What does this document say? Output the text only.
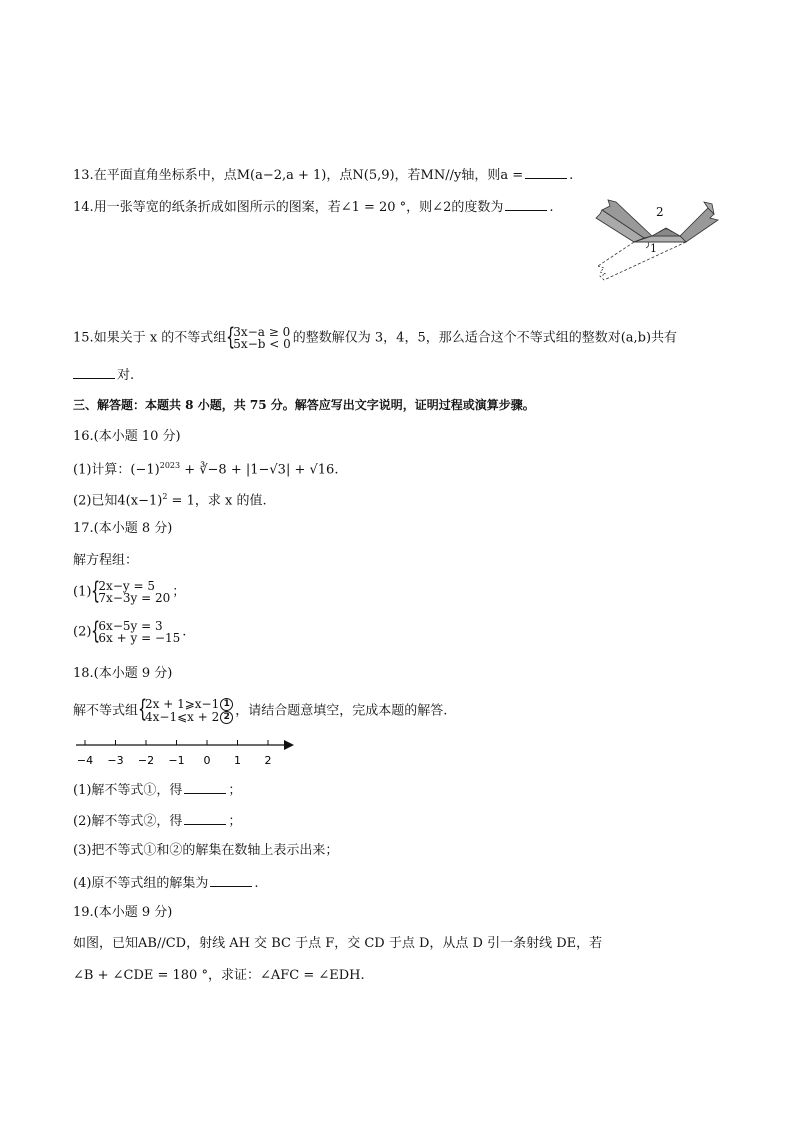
13.在平面直角坐标系中，点M(a−2,a + 1)，点N(5,9)，若MN//y轴，则a =	.
14.用一张等宽的纸条折成如图所示的图案，若∠1 = 20 °，则∠2的度数为	.	2
1
15.如果关于 x 的不等式组 {
3x−a ≥ 0
5x−b < 0 的整数解仅为 3，4，5，那么适合这个不等式组的整数对(a,b)共有
对.
三、解答题：本题共 8 小题，共 75 分。解答应写出文字说明，证明过程或演算步骤。
16.(本小题 10 分)
(1)计算：$(-1)^{2023}$ + ∛−8 + |1−√3| + √16.
(2)已知$4(x-1)^2 = 1$，求 x 的值.
17.(本小题 8 分)
解方程组：
(1) {
2x−y = 5
7x−3y = 20 ；
(2) {
6x−5y = 3
6x + y = −15 .
18.(本小题 9 分)
解不等式组 {
2x + 1⩾x−1 1
4x−1⩽x + 2 2 ，请结合题意填空，完成本题的解答.
−4 −3 −2 −1 0 1 2
(1)解不等式①，得	；
(2)解不等式②，得	；
(3)把不等式①和②的解集在数轴上表示出来；
(4)原不等式组的解集为	.
19.(本小题 9 分)
如图，已知AB//CD，射线 AH 交 BC 于点 F，交 CD 于点 D，从点 D 引一条射线 DE，若
∠B + ∠CDE = 180 °，求证：∠AFC = ∠EDH.
